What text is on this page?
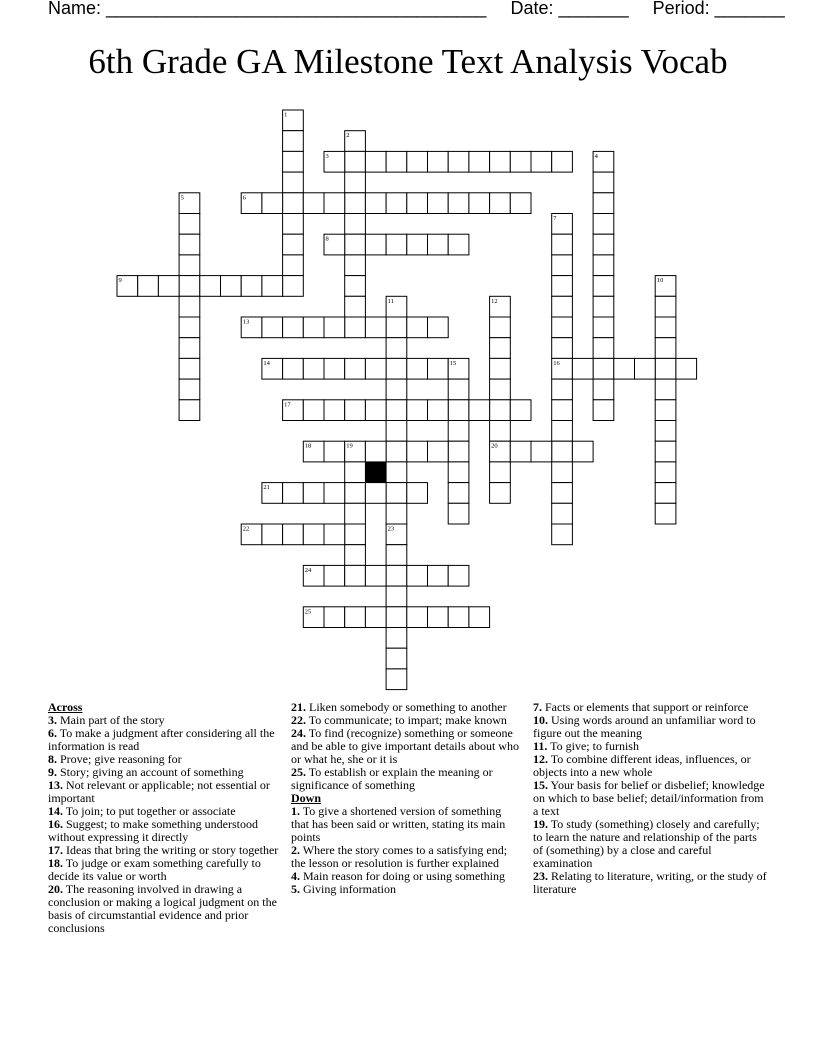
Name: ______________________________________ Date: _______ Period: _______
6th Grade GA Milestone Text Analysis Vocab
1
2
3	4
5	6
7
8
9	10
11	12
13
14	15	16
17
18	19	20
21
22	23
24
25
Across
3. Main part of the story
6. To make a judgment after considering all the information is read
8. Prove; give reasoning for
9. Story; giving an account of something
13. Not relevant or applicable; not essential or important
14. To join; to put together or associate
16. Suggest; to make something understood without expressing it directly
17. Ideas that bring the writing or story together
18. To judge or exam something carefully to decide its value or worth
20. The reasoning involved in drawing a conclusion or making a logical judgment on the basis of circumstantial evidence and prior conclusions
21. Liken somebody or something to another
22. To communicate; to impart; make known
24. To find (recognize) something or someone and be able to give important details about who or what he, she or it is
25. To establish or explain the meaning or significance of something
Down
1. To give a shortened version of something that has been said or written, stating its main points
2. Where the story comes to a satisfying end; the lesson or resolution is further explained
4. Main reason for doing or using something
5. Giving information
7. Facts or elements that support or reinforce
10. Using words around an unfamiliar word to figure out the meaning
11. To give; to furnish
12. To combine different ideas, influences, or objects into a new whole
15. Your basis for belief or disbelief; knowledge on which to base belief; detail/information from a text
19. To study (something) closely and carefully; to learn the nature and relationship of the parts of (something) by a close and careful examination
23. Relating to literature, writing, or the study of literature
